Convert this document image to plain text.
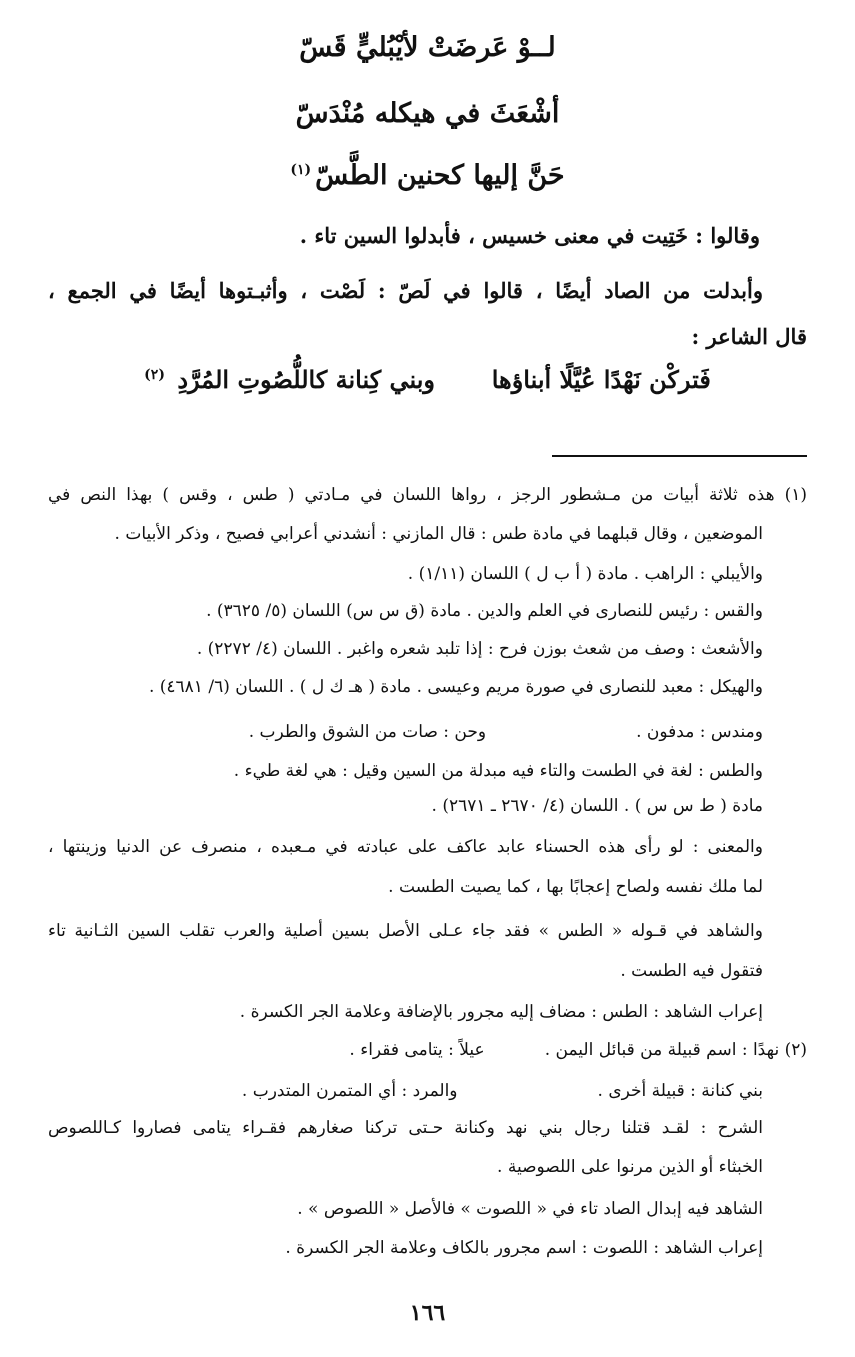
لــوْ عَرضَتْ لأيْبُليٍّ قَسّ
أشْعَثَ في هيكله مُنْدَسّ
حَنَّ إليها كحنين الطَّسّ$^{(١)}$
وقالوا : خَتِيت في معنى خسيس ، فأبدلوا السين تاء .
وأبدلت من الصاد أيضًا ، قالوا في لَصّ : لَصْت ، وأثبـتوها أيضًا في الجمع ،
قال الشاعر :
فَتركْن نَهْدًا عُيَّلًا أبناؤها  وبني كِنانة كاللُّصُوتِ المُرَّدِ $^{(٢)}$
(١) هذه ثلاثة أبيات من مـشطور الرجز ، رواها اللسان في مـادتي ( طس ، وقس ) بهذا النص في
الموضعين ، وقال قبلهما في مادة طس : قال المازني : أنشدني أعرابي فصيح ، وذكر الأبيات .
والأيبلي : الراهب . مادة ( أ ب ل ) اللسان (١/١١) .
والقس : رئيس للنصارى في العلم والدين . مادة (ق س س) اللسان (٥/ ٣٦٢٥) .
والأشعث : وصف من شعث بوزن فرح : إذا تلبد شعره واغبر . اللسان (٤/ ٢٢٧٢) .
والهيكل : معبد للنصارى في صورة مريم وعيسى . مادة ( هـ ك ل ) . اللسان (٦/ ٤٦٨١) .
ومندس : مدفون .وحن : صات من الشوق والطرب .
والطس : لغة في الطست والتاء فيه مبدلة من السين وقيل : هي لغة طيء .
مادة ( ط س س ) . اللسان (٤/ ٢٦٧٠ ـ ٢٦٧١) .
والمعنى : لو رأى هذه الحسناء عابد عاكف على عبادته في مـعبده ، منصرف عن الدنيا وزينتها ،
لما ملك نفسه ولصاح إعجابًا بها ، كما يصيت الطست .
والشاهد في قـوله « الطس » فقد جاء عـلى الأصل بسين أصلية والعرب تقلب السين الثـانية تاء
فتقول فيه الطست .
إعراب الشاهد : الطس : مضاف إليه مجرور بالإضافة وعلامة الجر الكسرة .
(٢) نهدًا : اسم قبيلة من قبائل اليمن .عيلاً : يتامى فقراء .
بني كنانة : قبيلة أخرى .والمرد : أي المتمرن المتدرب .
الشرح : لقـد قتلنا رجال بني نهد وكنانة حـتى تركنا صغارهم فقـراء يتامى فصاروا كـاللصوص
الخبثاء أو الذين مرنوا على اللصوصية .
الشاهد فيه إبدال الصاد تاء في « اللصوت » فالأصل « اللصوص » .
إعراب الشاهد : اللصوت : اسم مجرور بالكاف وعلامة الجر الكسرة .
١٦٦
